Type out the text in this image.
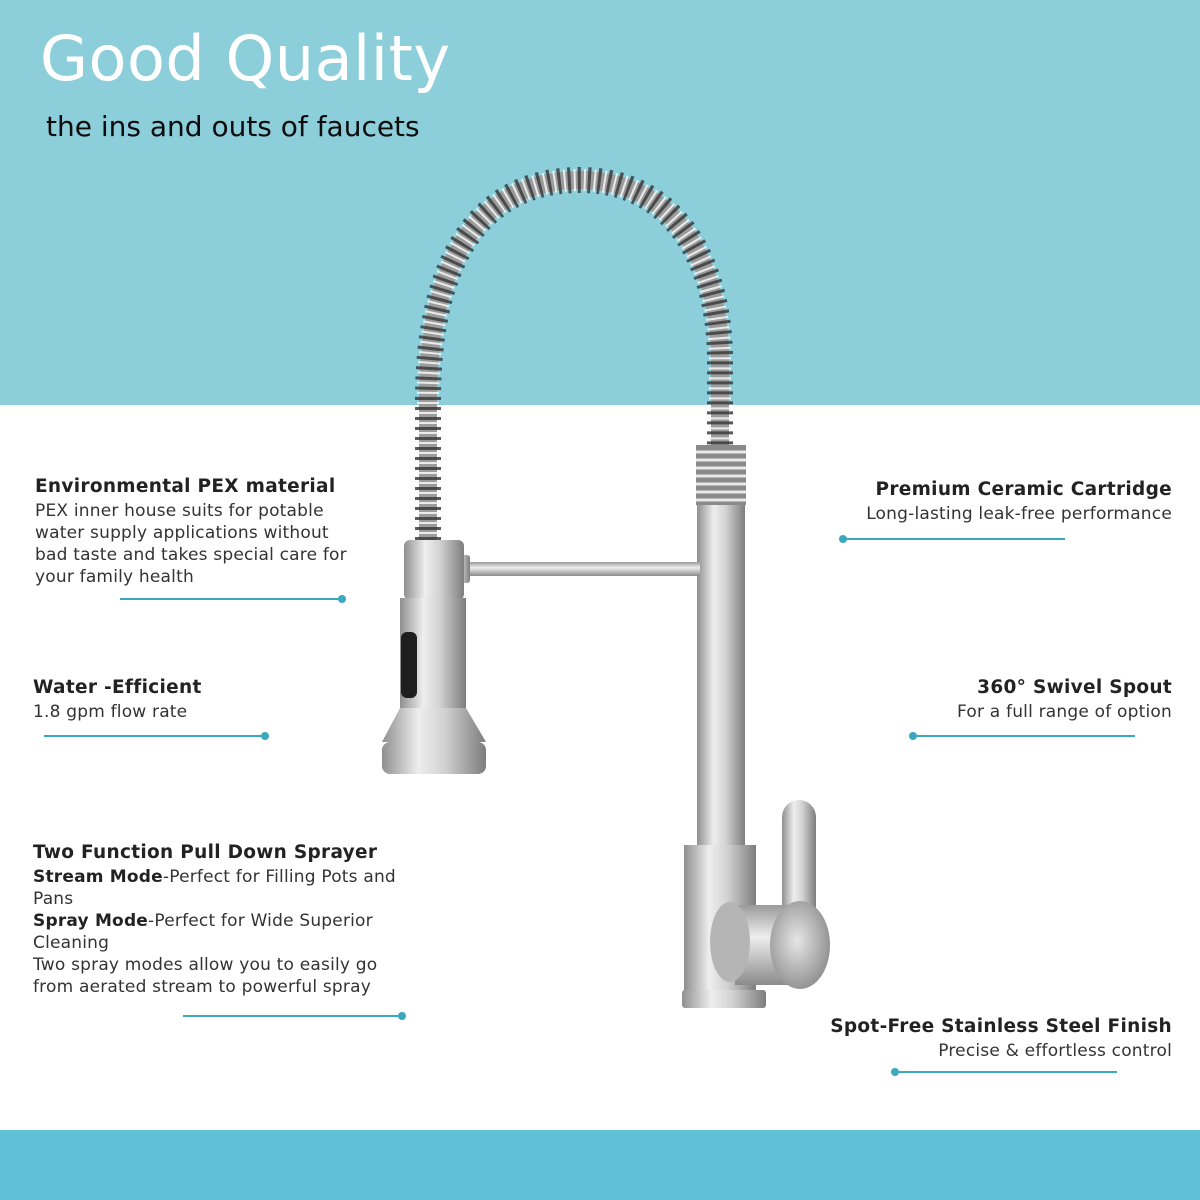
Good Quality
the ins and outs of faucets
Environmental PEX material
PEX inner house suits for potable water supply applications without bad taste and takes special care for your family health
Water -Efficient
1.8 gpm flow rate
Two Function Pull Down Sprayer
Stream Mode-Perfect for Filling Pots and Pans
Spray Mode-Perfect for Wide Superior Cleaning
Two spray modes allow you to easily go from aerated stream to powerful spray
Premium Ceramic Cartridge
Long-lasting leak-free performance
360° Swivel Spout
For a full range of option
Spot-Free Stainless Steel Finish
Precise & effortless control
